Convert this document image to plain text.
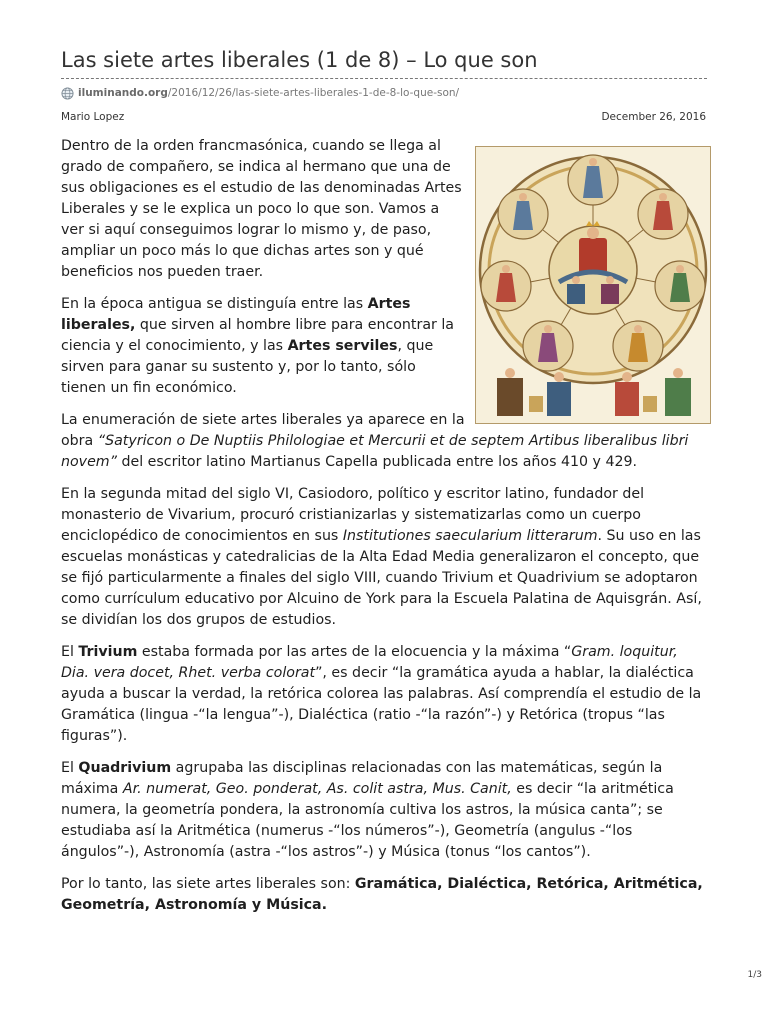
Las siete artes liberales (1 de 8) – Lo que son
iluminando.org /2016/12/26/las-siete-artes-liberales-1-de-8-lo-que-son/
Mario Lopez	December 26, 2016

Dentro de la orden francmasónica, cuando se llega al grado de compañero, se indica al hermano que una de sus obligaciones es el estudio de las denominadas Artes Liberales y se le explica un poco lo que son. Vamos a ver si aquí conseguimos lograr lo mismo y, de paso, ampliar un poco más lo que dichas artes son y qué beneficios nos pueden traer.

En la época antigua se distinguía entre las Artes liberales, que sirven al hombre libre para encontrar la ciencia y el conocimiento, y las Artes serviles, que sirven para ganar su sustento y, por lo tanto, sólo tienen un fin económico.

La enumeración de siete artes liberales ya aparece en la obra “Satyricon o De Nuptiis Philologiae et Mercurii et de septem Artibus liberalibus libri novem” del escritor latino Martianus Capella publicada entre los años 410 y 429.

En la segunda mitad del siglo VI, Casiodoro, político y escritor latino, fundador del monasterio de Vivarium, procuró cristianizarlas y sistematizarlas como un cuerpo enciclopédico de conocimientos en sus Institutiones saecularium litterarum. Su uso en las escuelas monásticas y catedralicias de la Alta Edad Media generalizaron el concepto, que se fijó particularmente a finales del siglo VIII, cuando Trivium et Quadrivium se adoptaron como currículum educativo por Alcuino de York para la Escuela Palatina de Aquisgrán. Así, se dividían los dos grupos de estudios.

El Trivium estaba formada por las artes de la elocuencia y la máxima “Gram. loquitur, Dia. vera docet, Rhet. verba colorat”, es decir “la gramática ayuda a hablar, la dialéctica ayuda a buscar la verdad, la retórica colorea las palabras. Así comprendía el estudio de la Gramática (lingua -“la lengua”-), Dialéctica (ratio -“la razón”-) y Retórica (tropus “las figuras”).

El Quadrivium agrupaba las disciplinas relacionadas con las matemáticas, según la máxima Ar. numerat, Geo. ponderat, As. colit astra, Mus. Canit, es decir “la aritmética numera, la geometría pondera, la astronomía cultiva los astros, la música canta”; se estudiaba así la Aritmética (numerus -“los números”-), Geometría (angulus -“los ángulos”-), Astronomía (astra -“los astros”-) y Música (tonus “los cantos”).

Por lo tanto, las siete artes liberales son: Gramática, Dialéctica, Retórica, Aritmética, Geometría, Astronomía y Música.

1/3
